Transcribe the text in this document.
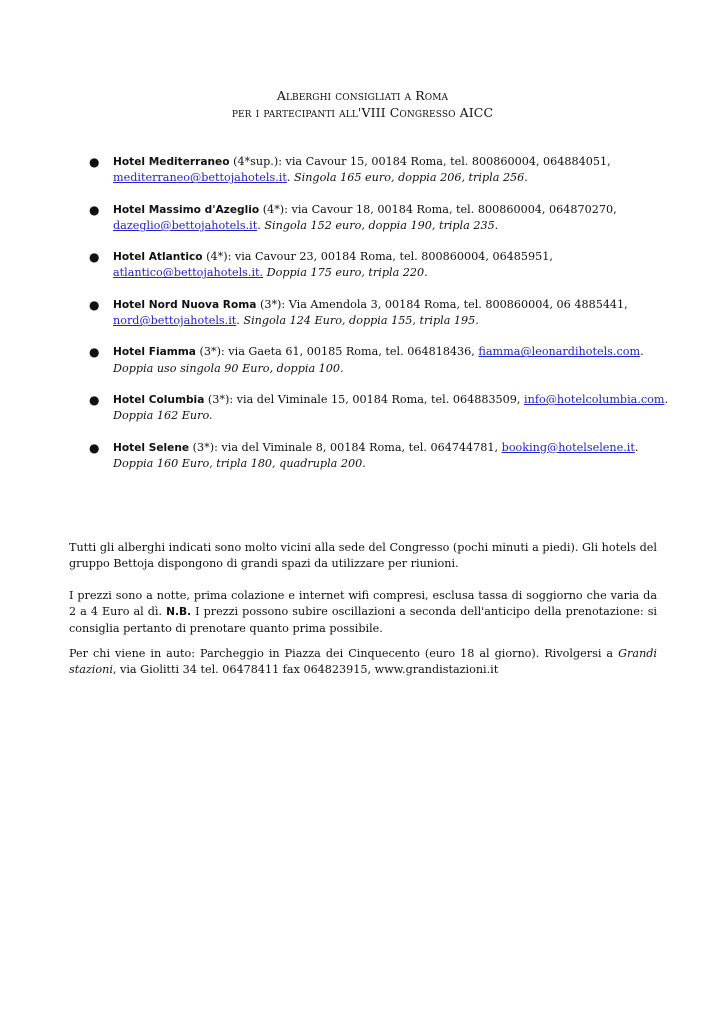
Alberghi consigliati a Roma
per i partecipanti all'VIII Congresso AICC
● Hotel Mediterraneo (4*sup.): via Cavour 15, 00184 Roma, tel. 800860004, 064884051, mediterraneo@bettojahotels.it. Singola 165 euro, doppia 206, tripla 256.
● Hotel Massimo d'Azeglio (4*): via Cavour 18, 00184 Roma, tel. 800860004, 064870270, dazeglio@bettojahotels.it. Singola 152 euro, doppia 190, tripla 235.
● Hotel Atlantico (4*): via Cavour 23, 00184 Roma, tel. 800860004, 06485951, atlantico@bettojahotels.it. Doppia 175 euro, tripla 220.
● Hotel Nord Nuova Roma (3*): Via Amendola 3, 00184 Roma, tel. 800860004, 06 4885441, nord@bettojahotels.it. Singola 124 Euro, doppia 155, tripla 195.
● Hotel Fiamma (3*): via Gaeta 61, 00185 Roma, tel. 064818436, fiamma@leonardihotels.com. Doppia uso singola 90 Euro, doppia 100.
● Hotel Columbia (3*): via del Viminale 15, 00184 Roma, tel. 064883509, info@hotelcolumbia.com. Doppia 162 Euro.
● Hotel Selene (3*): via del Viminale 8, 00184 Roma, tel. 064744781, booking@hotelselene.it. Doppia 160 Euro, tripla 180, quadrupla 200.

Tutti gli alberghi indicati sono molto vicini alla sede del Congresso (pochi minuti a piedi). Gli hotels del gruppo Bettoja dispongono di grandi spazi da utilizzare per riunioni.

I prezzi sono a notte, prima colazione e internet wifi compresi, esclusa tassa di soggiorno che varia da 2 a 4 Euro al dì. N.B. I prezzi possono subire oscillazioni a seconda dell'anticipo della prenotazione: si consiglia pertanto di prenotare quanto prima possibile.

Per chi viene in auto: Parcheggio in Piazza dei Cinquecento (euro 18 al giorno). Rivolgersi a Grandi stazioni, via Giolitti 34 tel. 06478411 fax 064823915, www.grandistazioni.it
